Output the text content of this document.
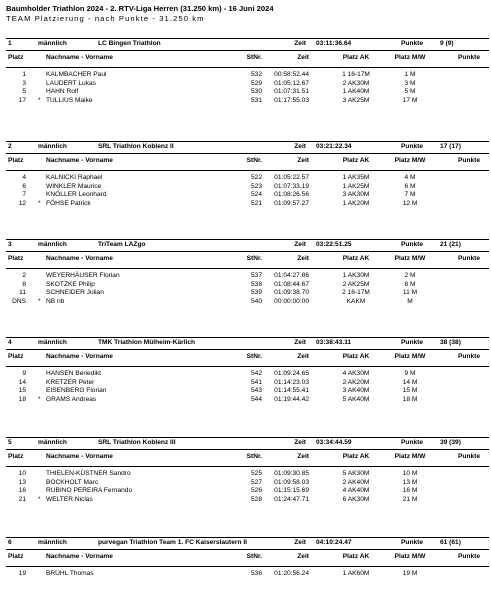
Baumholder Triathlon 2024 - 2. RTV-Liga Herren (31.250 km) - 16 Juni 2024
TEAM Platzierung - nach Punkte - 31.250 km
1	männlich	LC Bingen Triathlon	Zeit 03:11:36.64	Punkte	9 (9)
Platz	Nachname - Vorname	StNr.	Zeit	Platz AK	Platz M/W	Punkte
1	KALMBACHER Paul	532	00:58:52.44	1 16-17M	1 M
3	LAUDERT Lukas	529	01:05:12.67	2 AK30M	3 M
5	HAHN Rolf	530	01:07:31.51	1 AK40M	5 M
17 * TULLIUS Maike	531	01:17:55.03	3 AK25M	17 M
2	männlich	SRL Triathlon Koblenz II	Zeit 03:21:22.34	Punkte	17 (17)
Platz	Nachname - Vorname	StNr.	Zeit	Platz AK	Platz M/W	Punkte
4	KALNICKI Raphael	522	01:05:22.57	1 AK35M	4 M
6	WINKLER Maurice	523	01:07:33.19	1 AK25M	6 M
7	KNÖLLER Leonhard	524	01:08:26.56	3 AK30M	7 M
12 * FÖHSE Patrick	521	01:09:57.27	1 AK20M	12 M
3	männlich	TriTeam LAZgo	Zeit 03:22:51.25	Punkte	21 (21)
Platz	Nachname - Vorname	StNr.	Zeit	Platz AK	Platz M/W	Punkte
2	WEYERHÄUSER Florian	537	01:04:27.86	1 AK30M	2 M
8	SKOTZKE Philip	538	01:08:44.67	2 AK25M	8 M
11	SCHNEIDER Julian	539	01:09:38.70	2 16-17M	11 M
DNS * NB nb	540	00:00:00:00	KAKM	M
4	männlich	TMK Triathlon Mülheim-Kärlich	Zeit 03:38:43.11	Punkte	38 (38)
Platz	Nachname - Vorname	StNr.	Zeit	Platz AK	Platz M/W	Punkte
9	HANSEN Benedikt	542	01:09:24.65	4 AK30M	9 M
14	KRETZER Peter	541	01:14:23.03	2 AK20M	14 M
15	EISENBERG Florian	543	01:14:55.41	3 AK40M	15 M
18 * GRAMS Andreas	544	01:19:44.42	5 AK40M	18 M
5	männlich	SRL Triathlon Koblenz III	Zeit 03:34:44.59	Punkte	39 (39)
Platz	Nachname - Vorname	StNr.	Zeit	Platz AK	Platz M/W	Punkte
10	THIELEN-KÜSTNER Sandro	525	01:09:30.85	5 AK30M	10 M
13	BOCKHOLT Marc	527	01:09:58.03	2 AK40M	13 M
16	RUBINO PEREIRA Fernando	526	01:15:15.69	4 AK40M	16 M
21 * WELTER Niclas	528	01:24:47.71	6 AK30M	21 M
6	männlich	purvegan Triathlon Team 1. FC Kaiserslautern II	Zeit 04:10:24.47	Punkte	61 (61)
Platz	Nachname - Vorname	StNr.	Zeit	Platz AK	Platz M/W	Punkte
19	BRÜHL Thomas	536	01:20:56.24	1 AK60M	19 M
